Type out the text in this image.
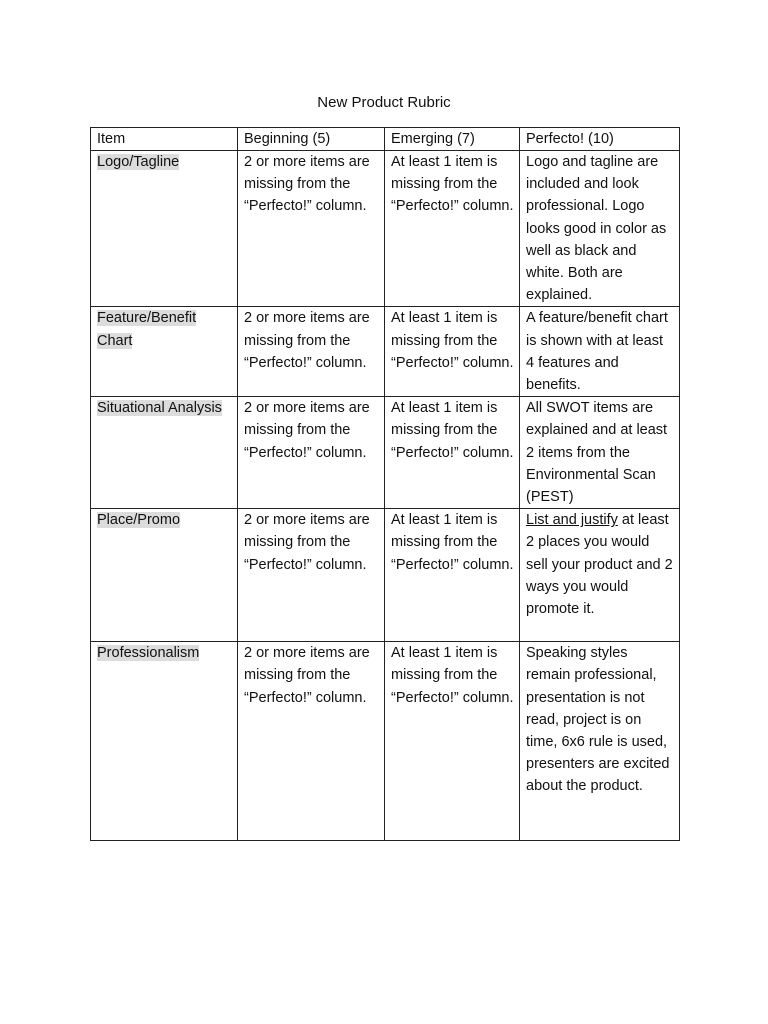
New Product Rubric
Item	Beginning (5)	Emerging (7)	Perfecto! (10)
Logo/Tagline	2 or more items are missing from the “Perfecto!” column.	At least 1 item is missing from the “Perfecto!” column.	Logo and tagline are included and look professional. Logo looks good in color as well as black and white. Both are explained.
Feature/Benefit Chart	2 or more items are missing from the “Perfecto!” column.	At least 1 item is missing from the “Perfecto!” column.	A feature/benefit chart is shown with at least 4 features and benefits.
Situational Analysis	2 or more items are missing from the “Perfecto!” column.	At least 1 item is missing from the “Perfecto!” column.	All SWOT items are explained and at least 2 items from the Environmental Scan (PEST)
Place/Promo	2 or more items are missing from the “Perfecto!” column.	At least 1 item is missing from the “Perfecto!” column.	List and justify at least 2 places you would sell your product and 2 ways you would promote it.
Professionalism	2 or more items are missing from the “Perfecto!” column.	At least 1 item is missing from the “Perfecto!” column.	Speaking styles remain professional, presentation is not read, project is on time, 6x6 rule is used, presenters are excited about the product.
